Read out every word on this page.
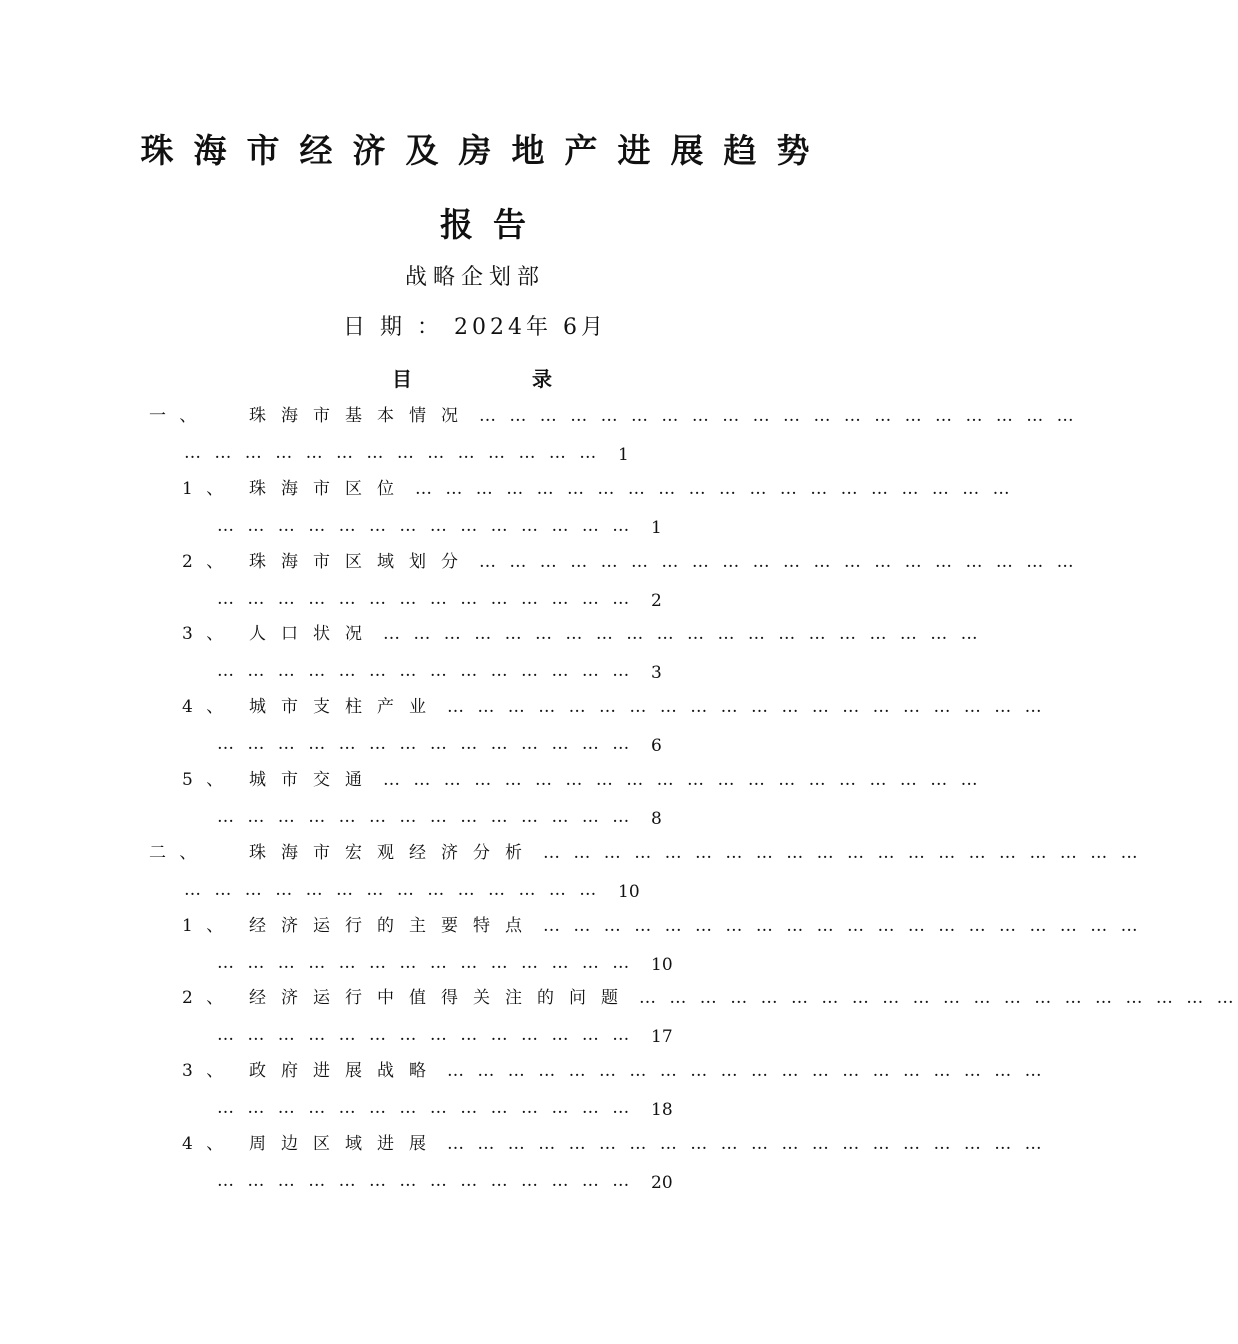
珠海市经济及房地产进展趋势
报告
战略企划部
日 期 ： 2024年 6月
目	录
一 、	珠海市基本情况 … … … … … … … … … … … … … … … … … … … …
… … … … … … … … … … … … … … 1
1 、 珠海市区位 … … … … … … … … … … … … … … … … … … … …
… … … … … … … … … … … … … … 1
2 、 珠海市区域划分 … … … … … … … … … … … … … … … … … … … …
… … … … … … … … … … … … … … 2
3 、 人口状况 … … … … … … … … … … … … … … … … … … … …
… … … … … … … … … … … … … … 3
4 、 城市支柱产业 … … … … … … … … … … … … … … … … … … … …
… … … … … … … … … … … … … … 6
5 、 城市交通 … … … … … … … … … … … … … … … … … … … …
… … … … … … … … … … … … … … 8
二 、	珠海市宏观经济分析 … … … … … … … … … … … … … … … … … … … …
… … … … … … … … … … … … … … 10
1 、 经济运行的主要特点 … … … … … … … … … … … … … … … … … … … …
… … … … … … … … … … … … … … 10
2 、 经济运行中值得关注的问题 … … … … … … … … … … … … … … … … … … … …
… … … … … … … … … … … … … … 17
3 、 政府进展战略 … … … … … … … … … … … … … … … … … … … …
… … … … … … … … … … … … … … 18
4 、 周边区域进展 … … … … … … … … … … … … … … … … … … … …
… … … … … … … … … … … … … … 20
